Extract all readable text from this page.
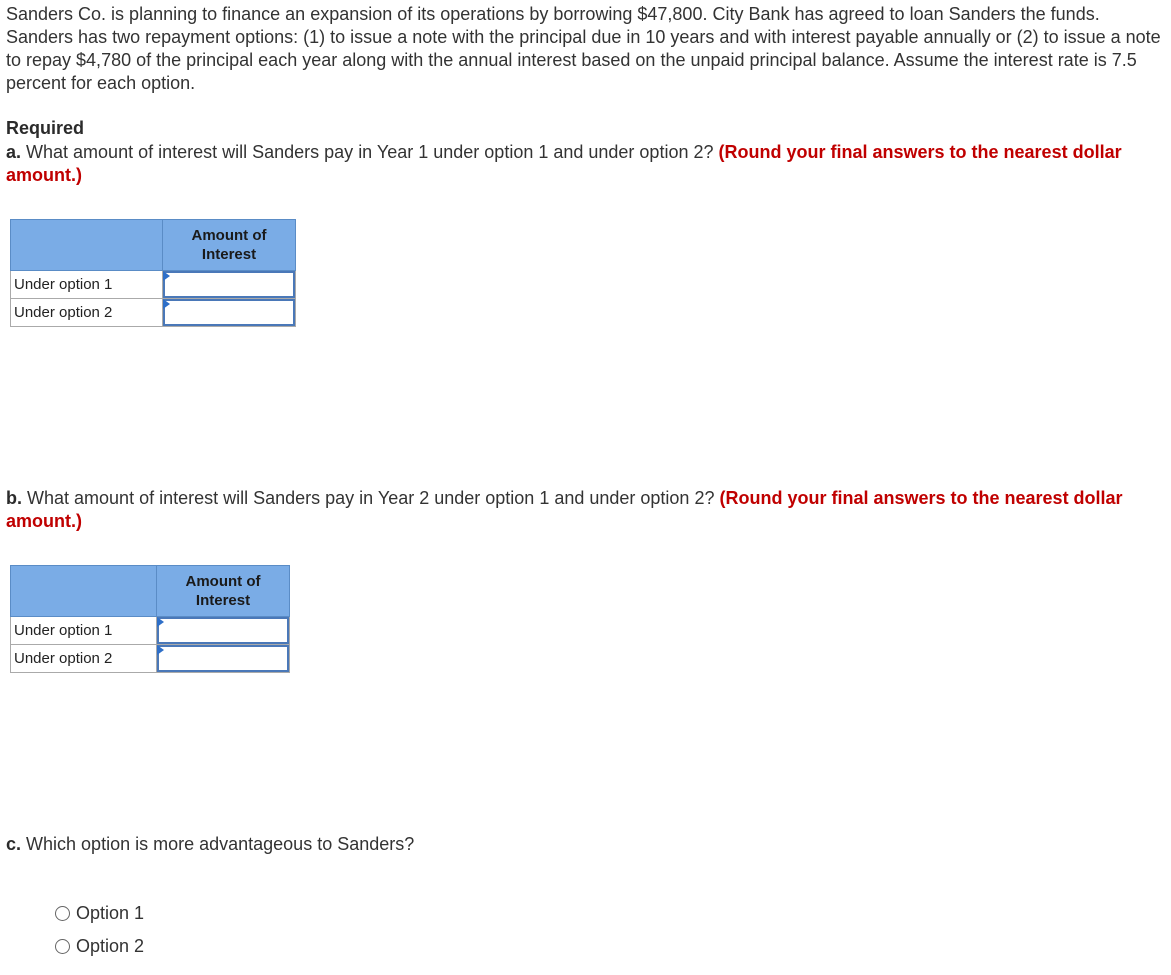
Sanders Co. is planning to finance an expansion of its operations by borrowing $47,800. City Bank has agreed to loan Sanders the funds. Sanders has two repayment options: (1) to issue a note with the principal due in 10 years and with interest payable annually or (2) to issue a note to repay $4,780 of the principal each year along with the annual interest based on the unpaid principal balance. Assume the interest rate is 7.5 percent for each option.

Required

a. What amount of interest will Sanders pay in Year 1 under option 1 and under option 2? (Round your final answers to the nearest dollar amount.)

	Amount of Interest
Under option 1	

Under option 2	

b. What amount of interest will Sanders pay in Year 2 under option 1 and under option 2? (Round your final answers to the nearest dollar amount.)

	Amount of Interest
Under option 1	

Under option 2	

c. Which option is more advantageous to Sanders?

Option 1
Option 2
